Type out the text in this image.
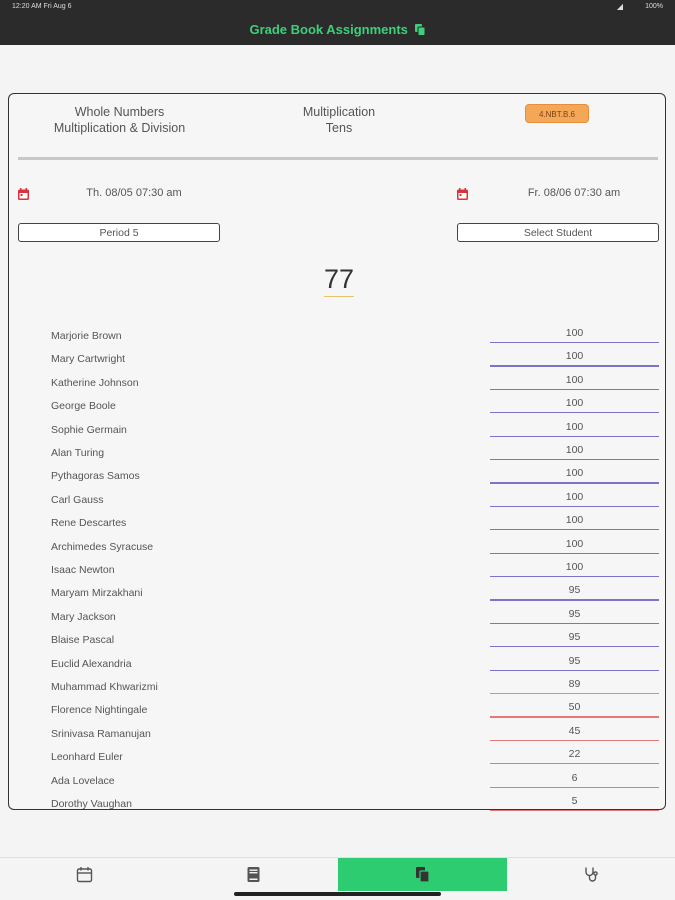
12:20 AM Fri Aug 6	◢	100%
Grade Book Assignments
Whole Numbers
Multiplication & Division
Multiplication
Tens
4.NBT.B.6
Th. 08/05 07:30 am	Fr. 08/06 07:30 am
Period 5	Select Student
77
Marjorie Brown	100
Mary Cartwright	100
Katherine Johnson	100
George Boole	100
Sophie Germain	100
Alan Turing	100
Pythagoras Samos	100
Carl Gauss	100
Rene Descartes	100
Archimedes Syracuse	100
Isaac Newton	100
Maryam Mirzakhani	95
Mary Jackson	95
Blaise Pascal	95
Euclid Alexandria	95
Muhammad Khwarizmi	89
Florence Nightingale	50
Srinivasa Ramanujan	45
Leonhard Euler	22
Ada Lovelace	6
Dorothy Vaughan	5
